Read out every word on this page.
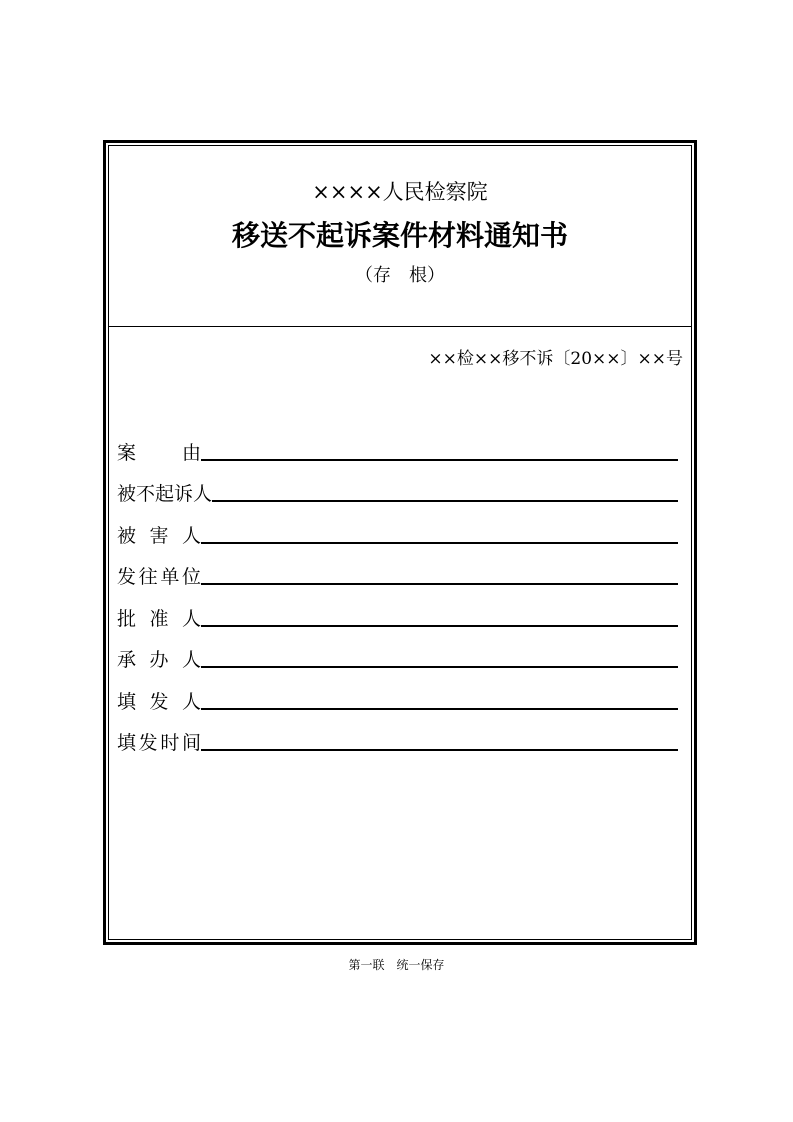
××××人民检察院
移送不起诉案件材料通知书
（存　根）
××检××移不诉〔20××〕××号
案由
被不起诉人
被害人
发往单位
批准人
承办人
填发人
填发时间
第一联　统一保存
